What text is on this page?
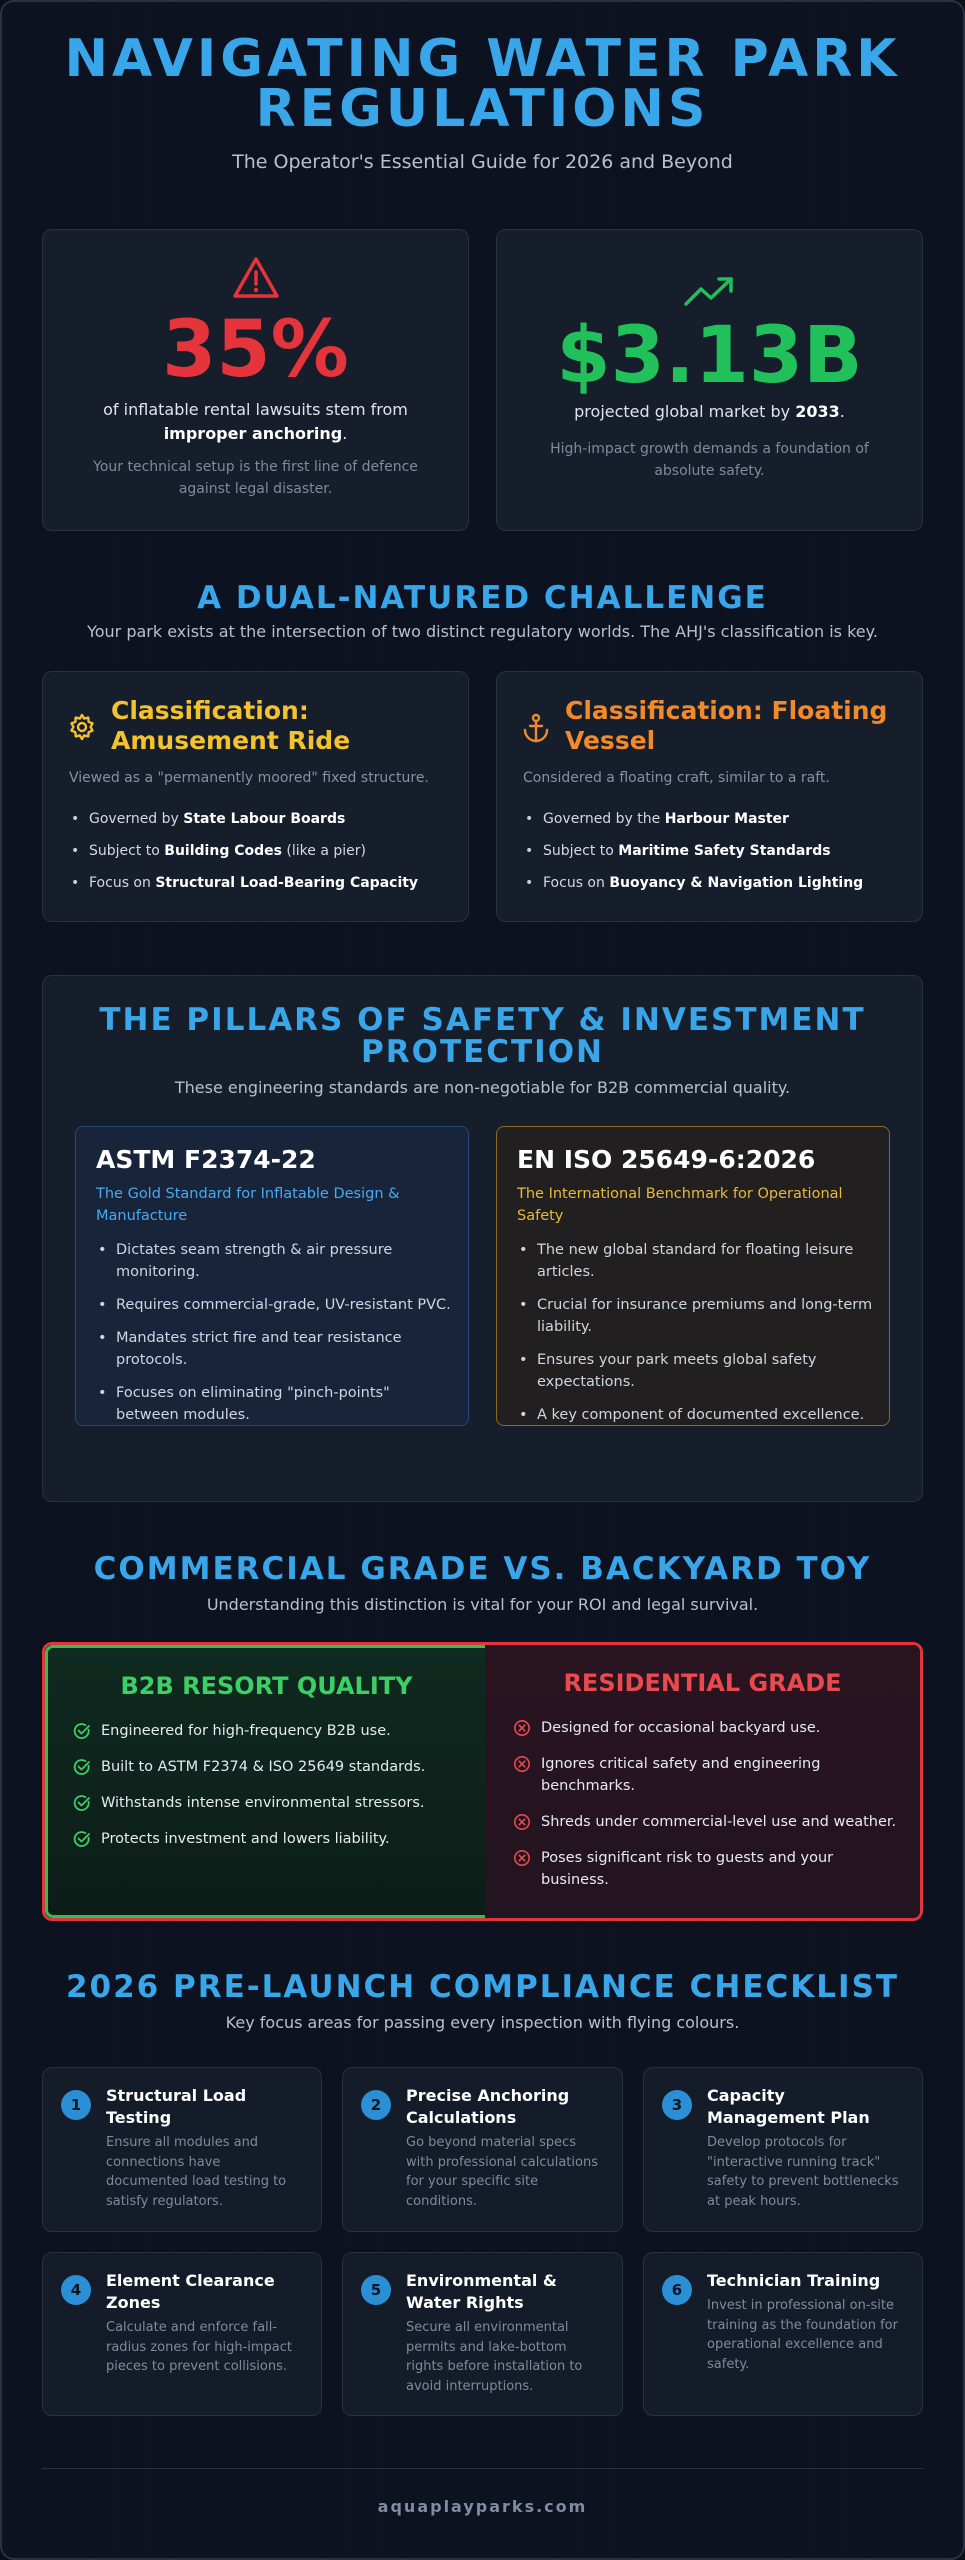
NAVIGATING WATER PARK
REGULATIONS
The Operator's Essential Guide for 2026 and Beyond
35%
of inflatable rental lawsuits stem from
improper anchoring.
Your technical setup is the first line of defence against legal disaster.
$3.13B
projected global market by 2033.
High-impact growth demands a foundation of absolute safety.
A DUAL-NATURED CHALLENGE
Your park exists at the intersection of two distinct regulatory worlds. The AHJ's classification is key.
Classification: Amusement Ride
Viewed as a "permanently moored" fixed structure.
• Governed by State Labour Boards
• Subject to Building Codes (like a pier)
• Focus on Structural Load-Bearing Capacity
Classification: Floating Vessel
Considered a floating craft, similar to a raft.
• Governed by the Harbour Master
• Subject to Maritime Safety Standards
• Focus on Buoyancy & Navigation Lighting
THE PILLARS OF SAFETY & INVESTMENT
PROTECTION
These engineering standards are non-negotiable for B2B commercial quality.
ASTM F2374-22
The Gold Standard for Inflatable Design & Manufacture
• Dictates seam strength & air pressure monitoring.
• Requires commercial-grade, UV-resistant PVC.
• Mandates strict fire and tear resistance protocols.
• Focuses on eliminating "pinch-points" between modules.
EN ISO 25649-6:2026
The International Benchmark for Operational Safety
• The new global standard for floating leisure articles.
• Crucial for insurance premiums and long-term liability.
• Ensures your park meets global safety expectations.
• A key component of documented excellence.
COMMERCIAL GRADE VS. BACKYARD TOY
Understanding this distinction is vital for your ROI and legal survival.
B2B RESORT QUALITY
Engineered for high-frequency B2B use.
Built to ASTM F2374 & ISO 25649 standards.
Withstands intense environmental stressors.
Protects investment and lowers liability.
RESIDENTIAL GRADE
Designed for occasional backyard use.
Ignores critical safety and engineering benchmarks.
Shreds under commercial-level use and weather.
Poses significant risk to guests and your business.
2026 PRE-LAUNCH COMPLIANCE CHECKLIST
Key focus areas for passing every inspection with flying colours.
1	Structural Load Testing
Ensure all modules and connections have documented load testing to satisfy regulators.
2	Precise Anchoring Calculations
Go beyond material specs with professional calculations for your specific site conditions.
3	Capacity Management Plan
Develop protocols for "interactive running track" safety to prevent bottlenecks at peak hours.
4	Element Clearance Zones
Calculate and enforce fall-radius zones for high-impact pieces to prevent collisions.
5	Environmental & Water Rights
Secure all environmental permits and lake-bottom rights before installation to avoid interruptions.
6	Technician Training
Invest in professional on-site training as the foundation for operational excellence and safety.
aquaplayparks.com
